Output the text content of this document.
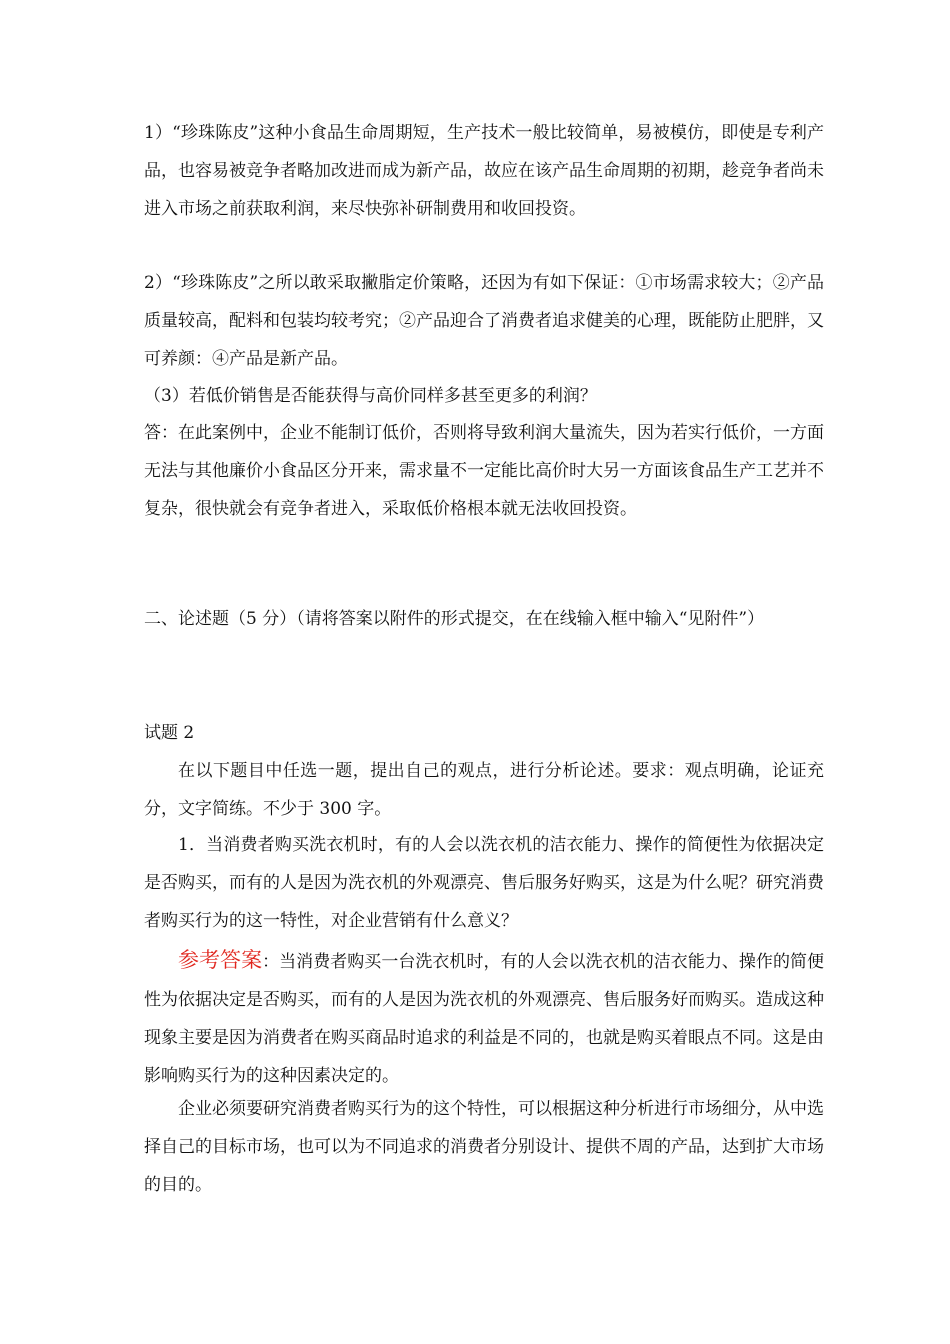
1）“珍珠陈皮”这种小食品生命周期短，生产技术一般比较简单，易被模仿，即使是专利产品，也容易被竞争者略加改进而成为新产品，故应在该产品生命周期的初期，趁竞争者尚未进入市场之前获取利润，来尽快弥补研制费用和收回投资。

2）“珍珠陈皮”之所以敢采取撇脂定价策略，还因为有如下保证：①市场需求较大；②产品质量较高，配料和包装均较考究；②产品迎合了消费者追求健美的心理，既能防止肥胖，又可养颜：④产品是新产品。

（3）若低价销售是否能获得与高价同样多甚至更多的利润？

答：在此案例中，企业不能制订低价，否则将导致利润大量流失，因为若实行低价，一方面无法与其他廉价小食品区分开来，需求量不一定能比高价时大另一方面该食品生产工艺并不复杂，很快就会有竞争者进入，采取低价格根本就无法收回投资。

二、论述题（5 分）（请将答案以附件的形式提交，在在线输入框中输入“见附件”）

试题 2

在以下题目中任选一题，提出自己的观点，进行分析论述。要求：观点明确，论证充分，文字简练。不少于 300 字。

1．当消费者购买洗衣机时，有的人会以洗衣机的洁衣能力、操作的简便性为依据决定是否购买，而有的人是因为洗衣机的外观漂亮、售后服务好购买，这是为什么呢？研究消费者购买行为的这一特性，对企业营销有什么意义？

参考答案：当消费者购买一台洗衣机时，有的人会以洗衣机的洁衣能力、操作的简便性为依据决定是否购买，而有的人是因为洗衣机的外观漂亮、售后服务好而购买。造成这种现象主要是因为消费者在购买商品时追求的利益是不同的，也就是购买着眼点不同。这是由影响购买行为的这种因素决定的。

企业必须要研究消费者购买行为的这个特性，可以根据这种分析进行市场细分，从中选择自己的目标市场，也可以为不同追求的消费者分别设计、提供不周的产品，达到扩大市场的目的。
